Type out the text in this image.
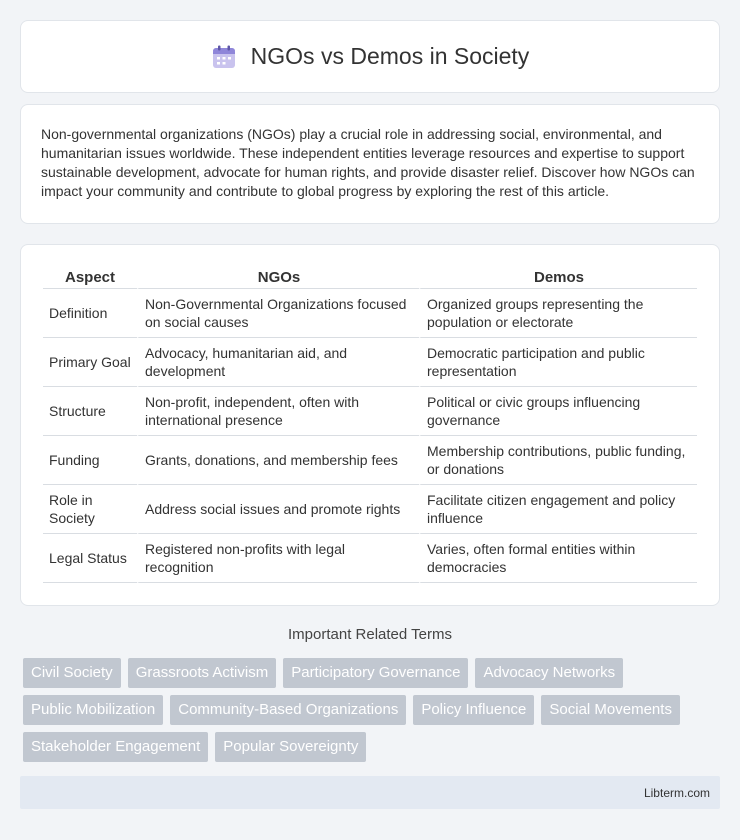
NGOs vs Demos in Society

Non-governmental organizations (NGOs) play a crucial role in addressing social, environmental, and humanitarian issues worldwide. These independent entities leverage resources and expertise to support sustainable development, advocate for human rights, and provide disaster relief. Discover how NGOs can impact your community and contribute to global progress by exploring the rest of this article.

Aspect	NGOs	Demos
Definition	Non-Governmental Organizations focused on social causes	Organized groups representing the population or electorate
Primary Goal	Advocacy, humanitarian aid, and development	Democratic participation and public representation
Structure	Non-profit, independent, often with international presence	Political or civic groups influencing governance
Funding	Grants, donations, and membership fees	Membership contributions, public funding, or donations
Role in Society	Address social issues and promote rights	Facilitate citizen engagement and policy influence
Legal Status	Registered non-profits with legal recognition	Varies, often formal entities within democracies
Important Related Terms
Civil Society	Grassroots Activism	Participatory Governance	Advocacy Networks
Public Mobilization	Community-Based Organizations	Policy Influence	Social Movements
Stakeholder Engagement	Popular Sovereignty
Libterm.com
